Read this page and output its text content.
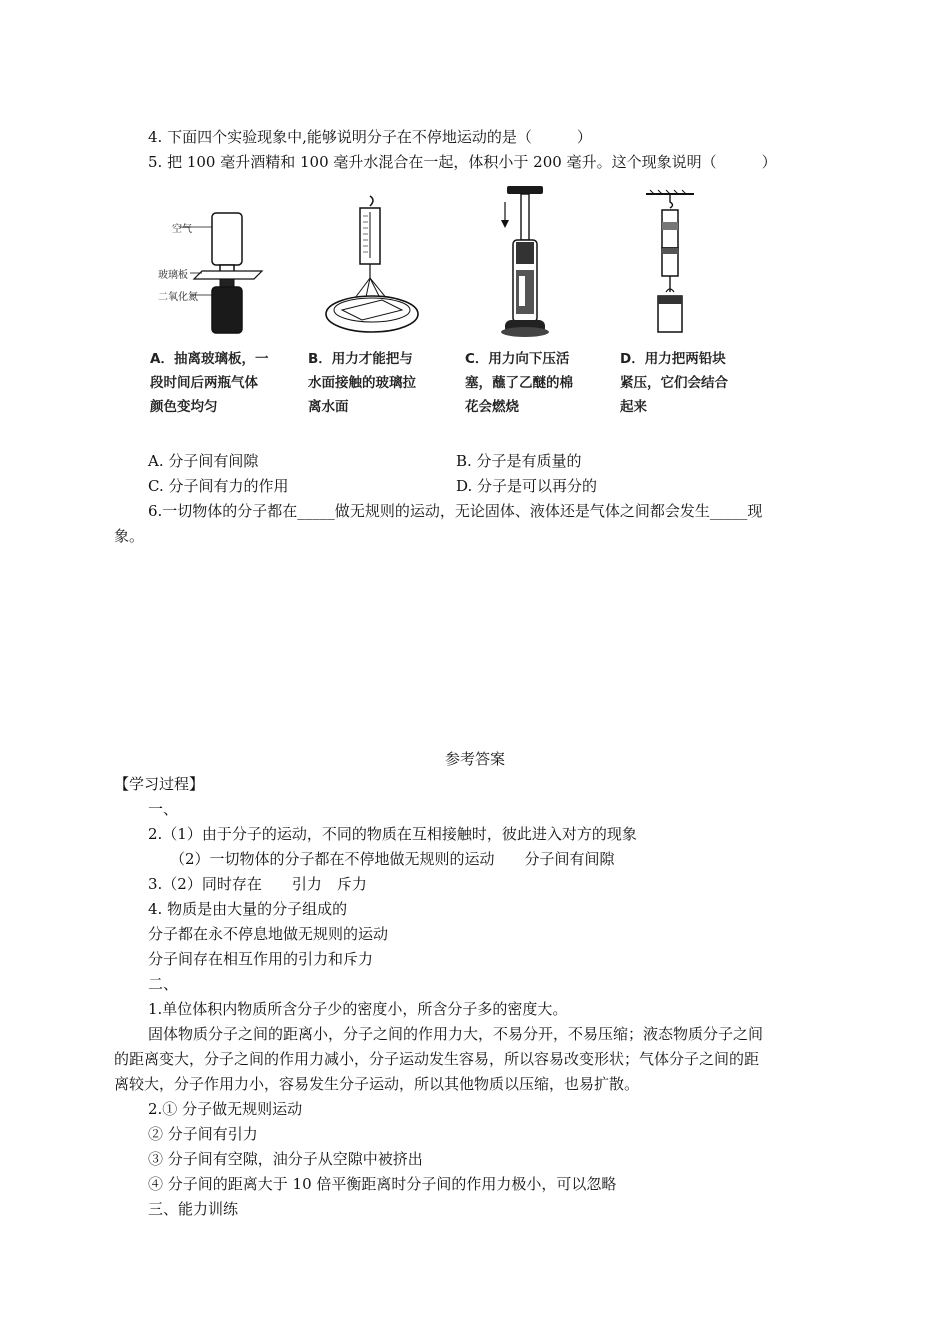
4. 下面四个实验现象中,能够说明分子在不停地运动的是（　　　）
5. 把 100 毫升酒精和 100 毫升水混合在一起，体积小于 200 毫升。这个现象说明（　　　）
空气
玻璃板
二氧化氮
A．抽离玻璃板，一
段时间后两瓶气体
颜色变均匀
B．用力才能把与
水面接触的玻璃拉
离水面
C．用力向下压活
塞，蘸了乙醚的棉
花会燃烧
D．用力把两铅块
紧压，它们会结合
起来
A. 分子间有间隙	B. 分子是有质量的
C. 分子间有力的作用	D. 分子是可以再分的
6.一切物体的分子都在_____做无规则的运动，无论固体、液体还是气体之间都会发生_____现
象。
参考答案
【学习过程】
一、
2.（1）由于分子的运动，不同的物质在互相接触时，彼此进入对方的现象
（2）一切物体的分子都在不停地做无规则的运动　　分子间有间隙
3.（2）同时存在　　引力　斥力
4. 物质是由大量的分子组成的
分子都在永不停息地做无规则的运动
分子间存在相互作用的引力和斥力
二、
1.单位体积内物质所含分子少的密度小，所含分子多的密度大。
固体物质分子之间的距离小，分子之间的作用力大，不易分开，不易压缩；液态物质分子之间
的距离变大，分子之间的作用力减小，分子运动发生容易，所以容易改变形状；气体分子之间的距
离较大，分子作用力小，容易发生分子运动，所以其他物质以压缩，也易扩散。
2.① 分子做无规则运动
② 分子间有引力
③ 分子间有空隙，油分子从空隙中被挤出
④ 分子间的距离大于 10 倍平衡距离时分子间的作用力极小，可以忽略
三、能力训练
